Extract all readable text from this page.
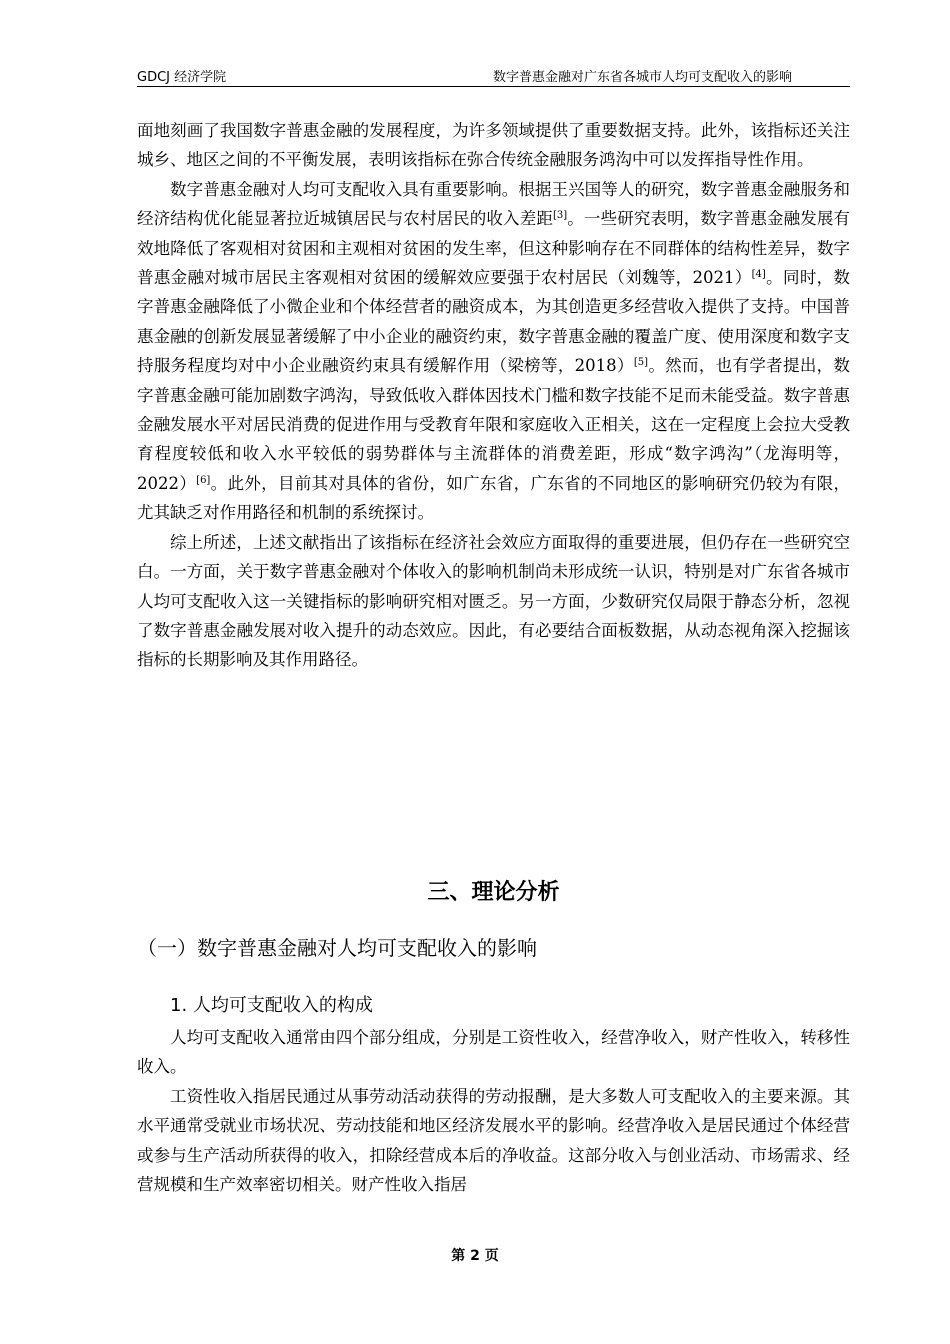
GDCJ 经济学院	数字普惠金融对广东省各城市人均可支配收入的影响

面地刻画了我国数字普惠金融的发展程度，为许多领域提供了重要数据支持。此外，该指标还关注城乡、地区之间的不平衡发展，表明该指标在弥合传统金融服务鸿沟中可以发挥指导性作用。

数字普惠金融对人均可支配收入具有重要影响。根据王兴国等人的研究，数字普惠金融服务和经济结构优化能显著拉近城镇居民与农村居民的收入差距[3]。一些研究表明，数字普惠金融发展有效地降低了客观相对贫困和主观相对贫困的发生率，但这种影响存在不同群体的结构性差异，数字普惠金融对城市居民主客观相对贫困的缓解效应要强于农村居民（刘魏等，2021）[4]。同时，数字普惠金融降低了小微企业和个体经营者的融资成本，为其创造更多经营收入提供了支持。中国普惠金融的创新发展显著缓解了中小企业的融资约束，数字普惠金融的覆盖广度、使用深度和数字支持服务程度均对中小企业融资约束具有缓解作用（梁榜等，2018）[5]。然而，也有学者提出，数字普惠金融可能加剧数字鸿沟，导致低收入群体因技术门槛和数字技能不足而未能受益。数字普惠金融发展水平对居民消费的促进作用与受教育年限和家庭收入正相关，这在一定程度上会拉大受教育程度较低和收入水平较低的弱势群体与主流群体的消费差距，形成“数字鸿沟”（龙海明等，2022）[6]。此外，目前其对具体的省份，如广东省，广东省的不同地区的影响研究仍较为有限，尤其缺乏对作用路径和机制的系统探讨。

综上所述，上述文献指出了该指标在经济社会效应方面取得的重要进展，但仍存在一些研究空白。一方面，关于数字普惠金融对个体收入的影响机制尚未形成统一认识，特别是对广东省各城市人均可支配收入这一关键指标的影响研究相对匮乏。另一方面，少数研究仅局限于静态分析，忽视了数字普惠金融发展对收入提升的动态效应。因此，有必要结合面板数据，从动态视角深入挖掘该指标的长期影响及其作用路径。

三、理论分析
（一）数字普惠金融对人均可支配收入的影响
1. 人均可支配收入的构成

人均可支配收入通常由四个部分组成，分别是工资性收入，经营净收入，财产性收入，转移性收入。

工资性收入指居民通过从事劳动活动获得的劳动报酬，是大多数人可支配收入的主要来源。其水平通常受就业市场状况、劳动技能和地区经济发展水平的影响。经营净收入是居民通过个体经营或参与生产活动所获得的收入，扣除经营成本后的净收益。这部分收入与创业活动、市场需求、经营规模和生产效率密切相关。财产性收入指居

第 2 页
